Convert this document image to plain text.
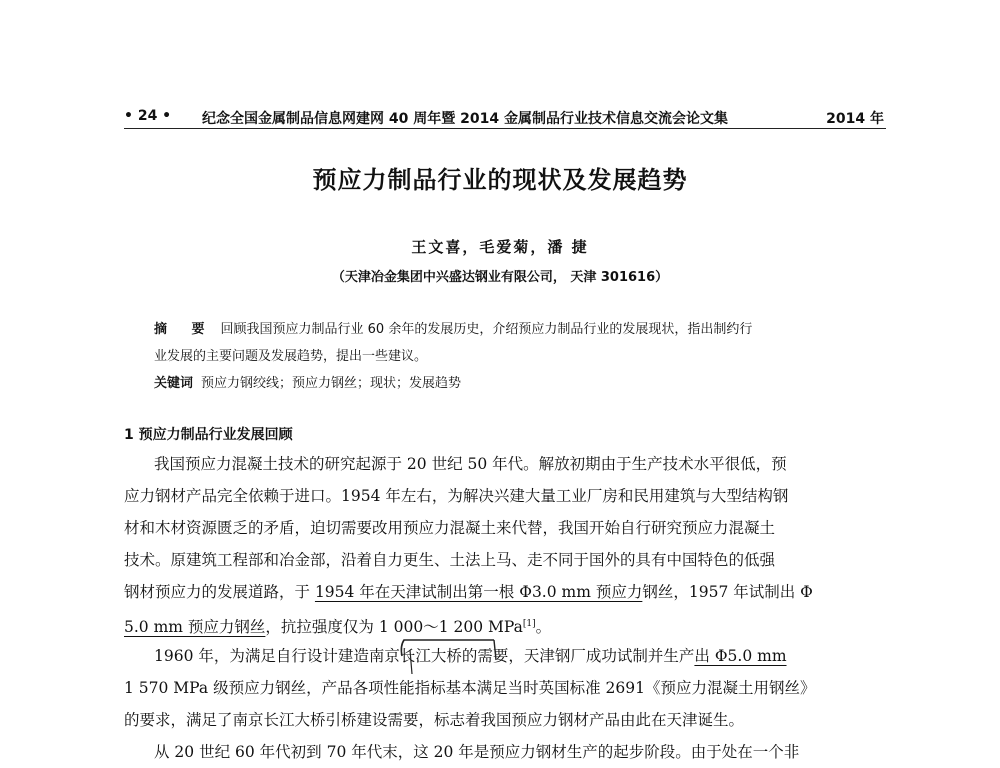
• 24 • 纪念全国金属制品信息网建网 40 周年暨 2014 金属制品行业技术信息交流会论文集	2014 年
预应力制品行业的现状及发展趋势
王文喜，毛爱菊，潘 捷
（天津冶金集团中兴盛达钢业有限公司， 天津 301616）
摘 要 回顾我国预应力制品行业 60 余年的发展历史，介绍预应力制品行业的发展现状，指出制约行
业发展的主要问题及发展趋势，提出一些建议。
关键词 预应力钢绞线；预应力钢丝；现状；发展趋势
1 预应力制品行业发展回顾
我国预应力混凝土技术的研究起源于 20 世纪 50 年代。解放初期由于生产技术水平很低，预
应力钢材产品完全依赖于进口。1954 年左右，为解决兴建大量工业厂房和民用建筑与大型结构钢
材和木材资源匮乏的矛盾，迫切需要改用预应力混凝土来代替，我国开始自行研究预应力混凝土
技术。原建筑工程部和冶金部，沿着自力更生、土法上马、走不同于国外的具有中国特色的低强
钢材预应力的发展道路，于 1954 年在天津试制出第一根 Φ3.0 mm 预应力钢丝，1957 年试制出 Φ
5.0 mm 预应力钢丝，抗拉强度仅为 1 000～1 200 MPa[1]。
1960 年，为满足自行设计建造南京长江大桥的需要，天津钢厂成功试制并生产出 Φ5.0 mm
1 570 MPa 级预应力钢丝，产品各项性能指标基本满足当时英国标准 2691《预应力混凝土用钢丝》
的要求，满足了南京长江大桥引桥建设需要，标志着我国预应力钢材产品由此在天津诞生。
从 20 世纪 60 年代初到 70 年代末，这 20 年是预应力钢材生产的起步阶段。由于处在一个非
